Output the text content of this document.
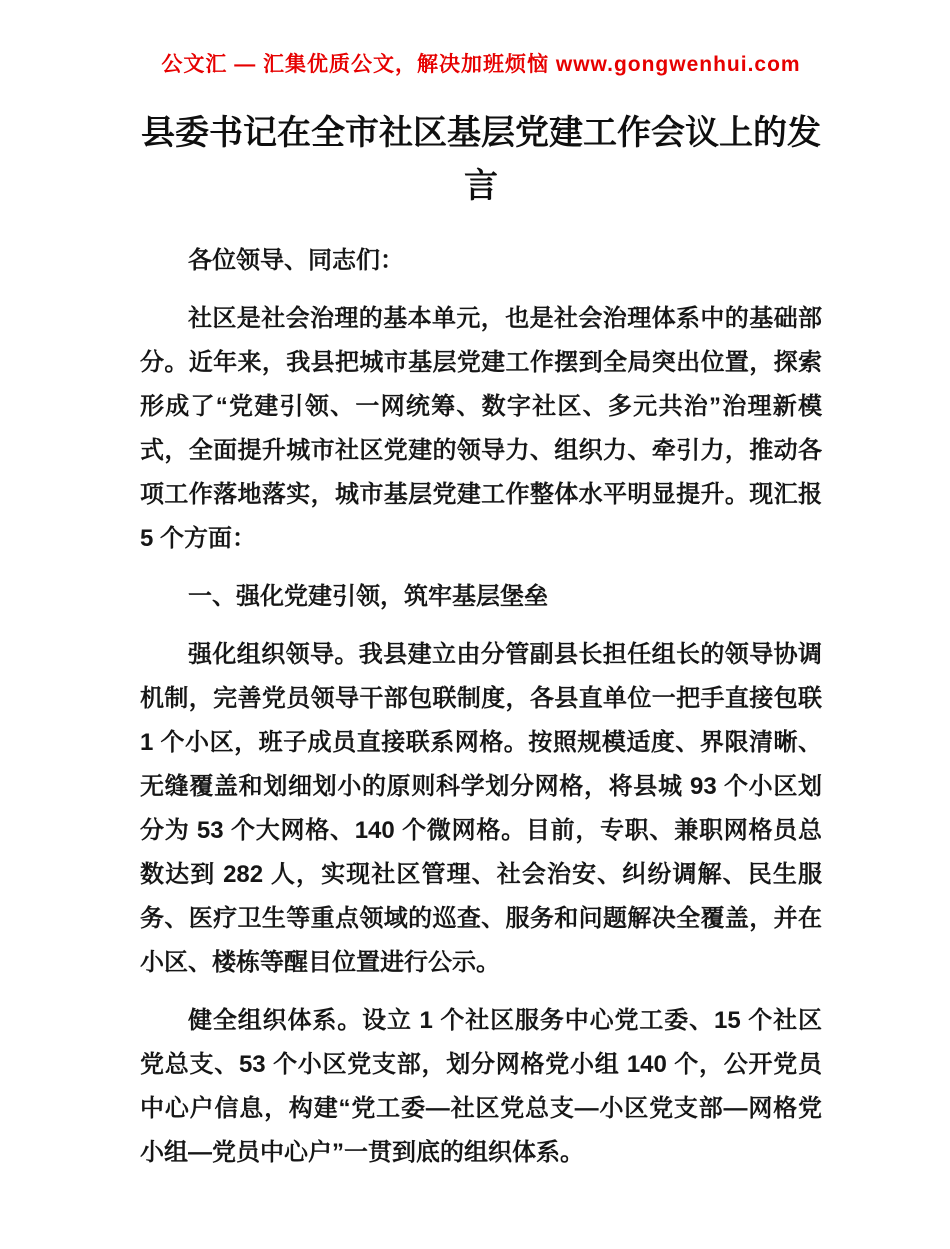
公文汇 — 汇集优质公文，解决加班烦恼 www.gongwenhui.com
县委书记在全市社区基层党建工作会议上的发言

各位领导、同志们：

社区是社会治理的基本单元，也是社会治理体系中的基础部分。近年来，我县把城市基层党建工作摆到全局突出位置，探索形成了“党建引领、一网统筹、数字社区、多元共治”治理新模式，全面提升城市社区党建的领导力、组织力、牵引力，推动各项工作落地落实，城市基层党建工作整体水平明显提升。现汇报 5 个方面：

一、强化党建引领，筑牢基层堡垒

强化组织领导。我县建立由分管副县长担任组长的领导协调机制，完善党员领导干部包联制度，各县直单位一把手直接包联 1 个小区，班子成员直接联系网格。按照规模适度、界限清晰、无缝覆盖和划细划小的原则科学划分网格，将县城 93 个小区划分为 53 个大网格、140 个微网格。目前，专职、兼职网格员总数达到 282 人，实现社区管理、社会治安、纠纷调解、民生服务、医疗卫生等重点领域的巡查、服务和问题解决全覆盖，并在小区、楼栋等醒目位置进行公示。

健全组织体系。设立 1 个社区服务中心党工委、15 个社区党总支、53 个小区党支部，划分网格党小组 140 个，公开党员中心户信息，构建“党工委—社区党总支—小区党支部—网格党小组—党员中心户”一贯到底的组织体系。
